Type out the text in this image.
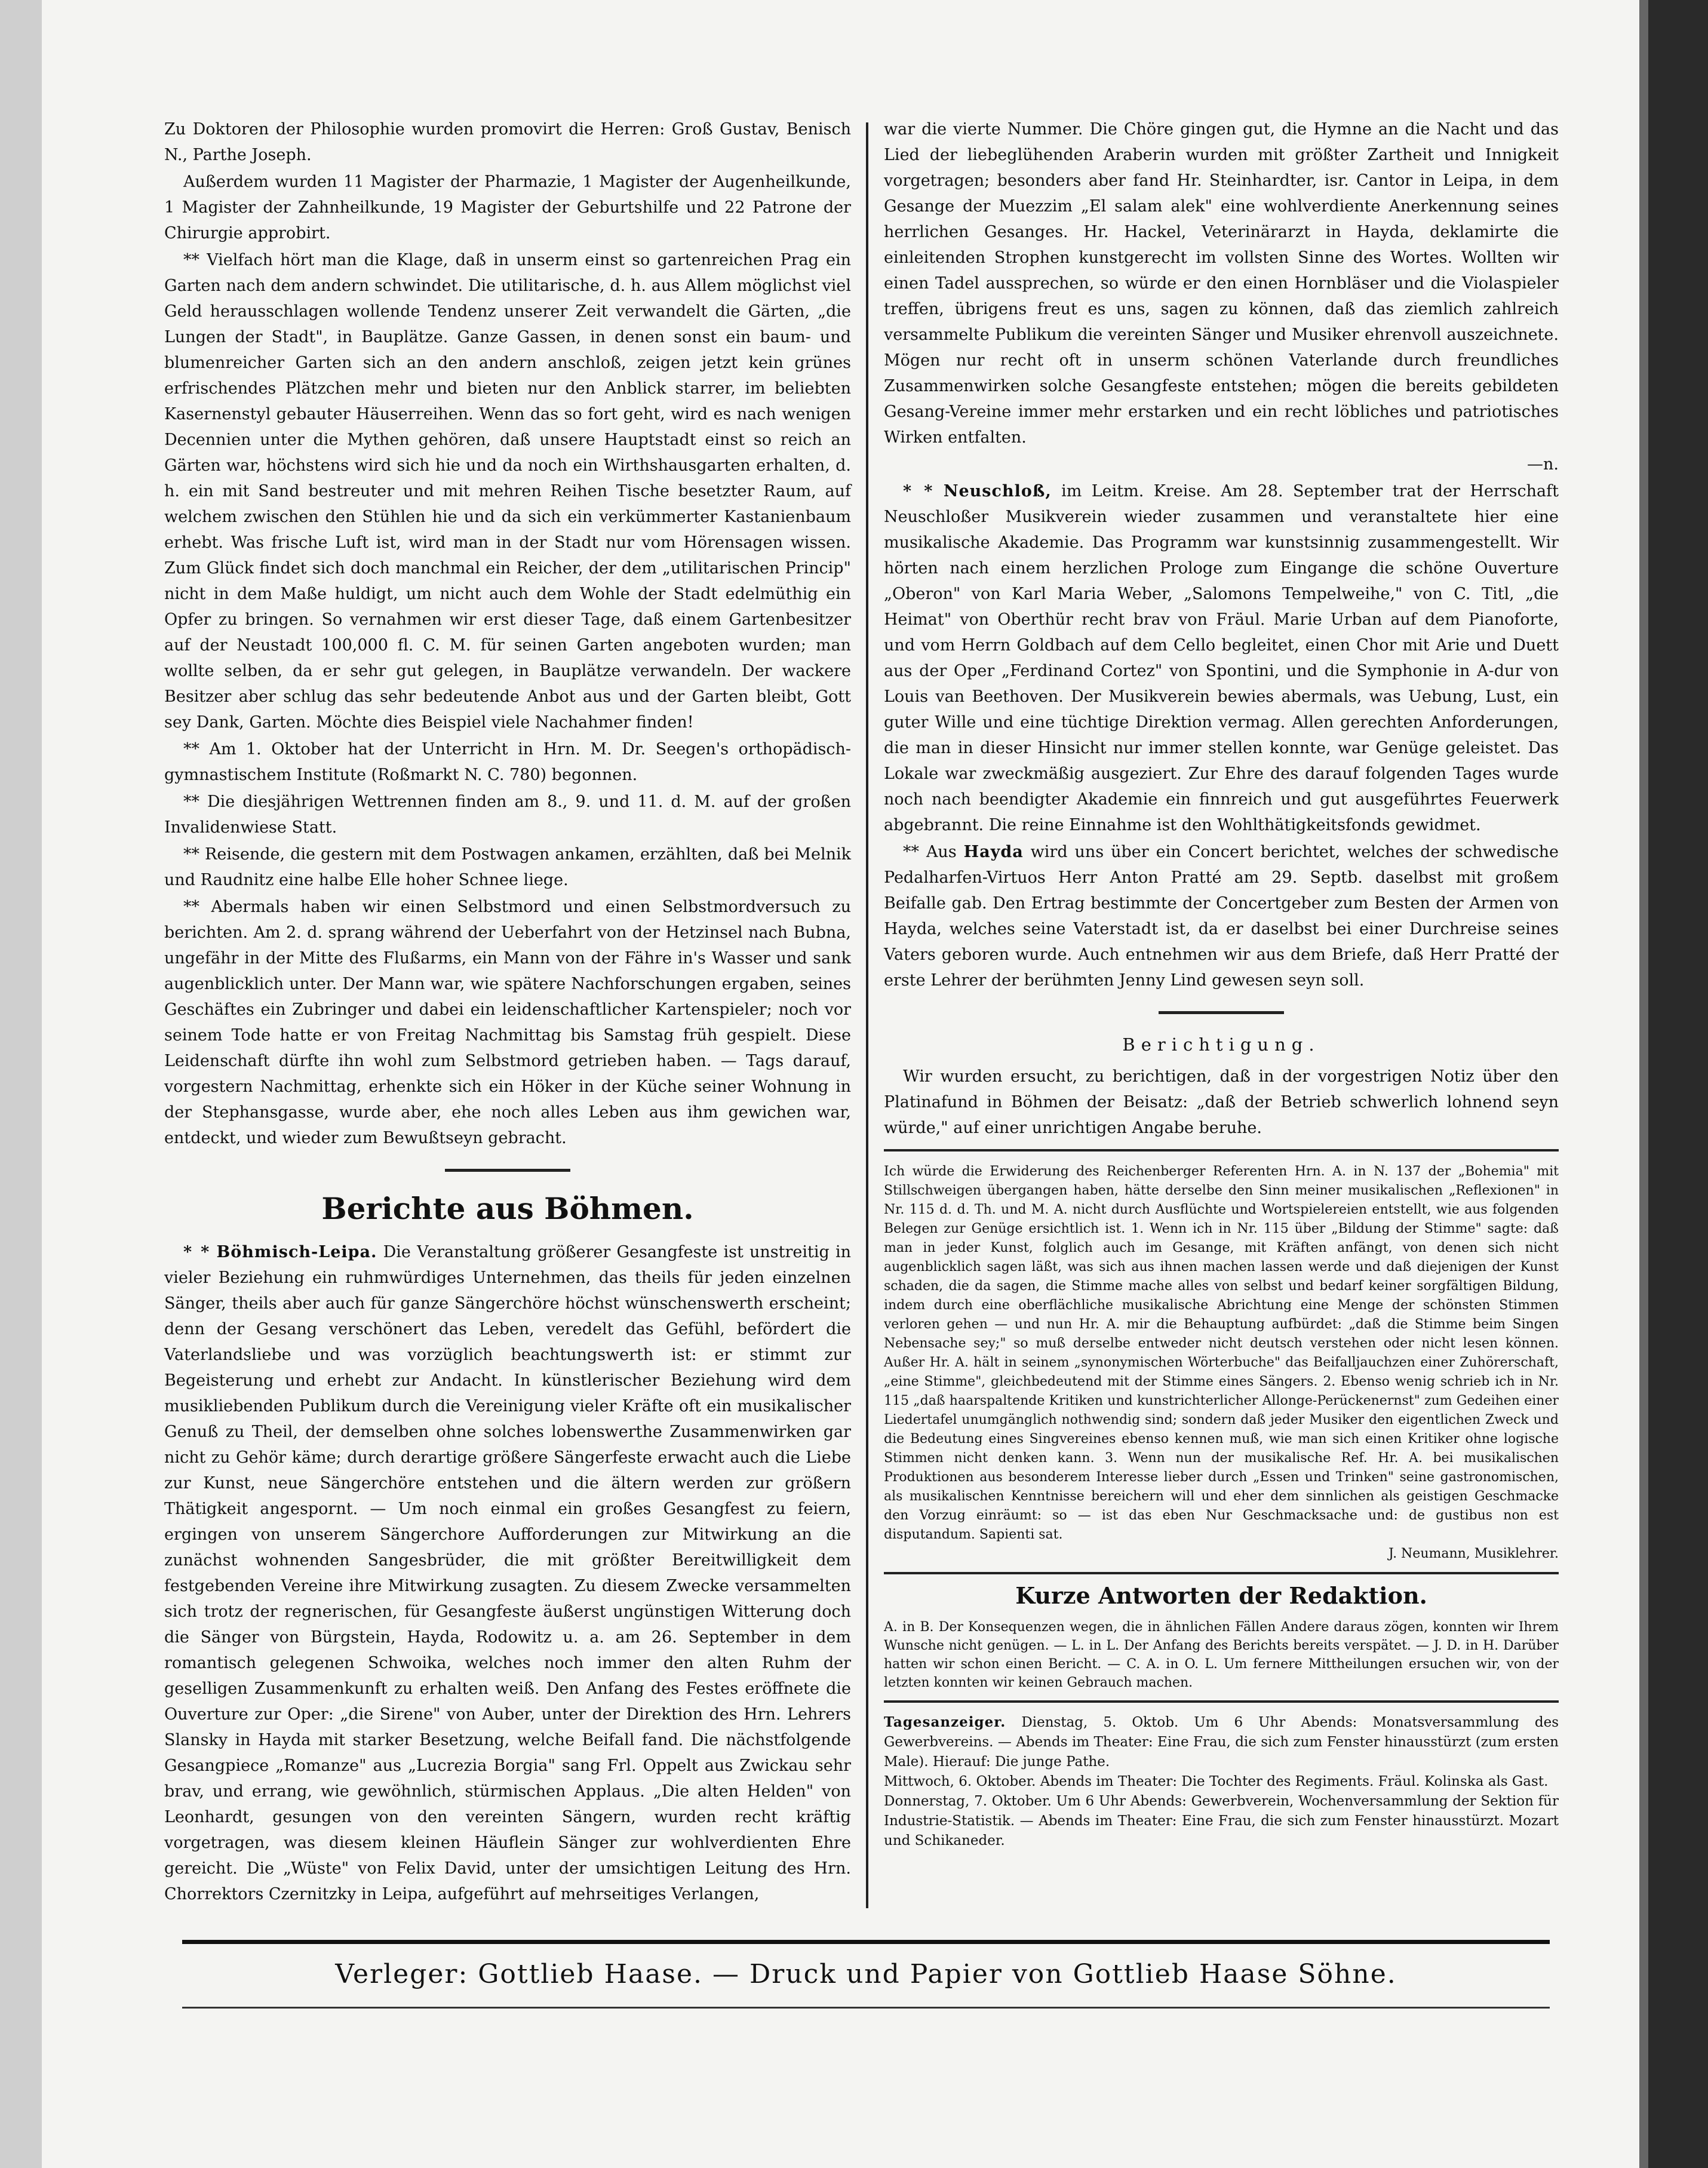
Zu Doktoren der Philosophie wurden promovirt die Herren: Groß Gustav, Benisch N., Parthe Joseph.

Außerdem wurden 11 Magister der Pharmazie, 1 Magister der Augenheilkunde, 1 Magister der Zahnheilkunde, 19 Magister der Geburtshilfe und 22 Patrone der Chirurgie approbirt.

** Vielfach hört man die Klage, daß in unserm einst so gartenreichen Prag ein Garten nach dem andern schwindet. Die utilitarische, d. h. aus Allem möglichst viel Geld herausschlagen wollende Tendenz unserer Zeit verwandelt die Gärten, „die Lungen der Stadt", in Bauplätze. Ganze Gassen, in denen sonst ein baum- und blumenreicher Garten sich an den andern anschloß, zeigen jetzt kein grünes erfrischendes Plätzchen mehr und bieten nur den Anblick starrer, im beliebten Kasernenstyl gebauter Häuserreihen. Wenn das so fort geht, wird es nach wenigen Decennien unter die Mythen gehören, daß unsere Hauptstadt einst so reich an Gärten war, höchstens wird sich hie und da noch ein Wirthshausgarten erhalten, d. h. ein mit Sand bestreuter und mit mehren Reihen Tische besetzter Raum, auf welchem zwischen den Stühlen hie und da sich ein verkümmerter Kastanienbaum erhebt. Was frische Luft ist, wird man in der Stadt nur vom Hörensagen wissen. Zum Glück findet sich doch manchmal ein Reicher, der dem „utilitarischen Princip" nicht in dem Maße huldigt, um nicht auch dem Wohle der Stadt edelmüthig ein Opfer zu bringen. So vernahmen wir erst dieser Tage, daß einem Gartenbesitzer auf der Neustadt 100,000 fl. C. M. für seinen Garten angeboten wurden; man wollte selben, da er sehr gut gelegen, in Bauplätze verwandeln. Der wackere Besitzer aber schlug das sehr bedeutende Anbot aus und der Garten bleibt, Gott sey Dank, Garten. Möchte dies Beispiel viele Nachahmer finden!

** Am 1. Oktober hat der Unterricht in Hrn. M. Dr. Seegen's orthopädisch-gymnastischem Institute (Roßmarkt N. C. 780) begonnen.

** Die diesjährigen Wettrennen finden am 8., 9. und 11. d. M. auf der großen Invalidenwiese Statt.

** Reisende, die gestern mit dem Postwagen ankamen, erzählten, daß bei Melnik und Raudnitz eine halbe Elle hoher Schnee liege.

** Abermals haben wir einen Selbstmord und einen Selbstmordversuch zu berichten. Am 2. d. sprang während der Ueberfahrt von der Hetzinsel nach Bubna, ungefähr in der Mitte des Flußarms, ein Mann von der Fähre in's Wasser und sank augenblicklich unter. Der Mann war, wie spätere Nachforschungen ergaben, seines Geschäftes ein Zubringer und dabei ein leidenschaftlicher Kartenspieler; noch vor seinem Tode hatte er von Freitag Nachmittag bis Samstag früh gespielt. Diese Leidenschaft dürfte ihn wohl zum Selbstmord getrieben haben. — Tags darauf, vorgestern Nachmittag, erhenkte sich ein Höker in der Küche seiner Wohnung in der Stephansgasse, wurde aber, ehe noch alles Leben aus ihm gewichen war, entdeckt, und wieder zum Bewußtseyn gebracht.

Berichte aus Böhmen.

* * Böhmisch-Leipa. Die Veranstaltung größerer Gesangfeste ist unstreitig in vieler Beziehung ein ruhmwürdiges Unternehmen, das theils für jeden einzelnen Sänger, theils aber auch für ganze Sängerchöre höchst wünschenswerth erscheint; denn der Gesang verschönert das Leben, veredelt das Gefühl, befördert die Vaterlandsliebe und was vorzüglich beachtungswerth ist: er stimmt zur Begeisterung und erhebt zur Andacht. In künstlerischer Beziehung wird dem musikliebenden Publikum durch die Vereinigung vieler Kräfte oft ein musikalischer Genuß zu Theil, der demselben ohne solches lobenswerthe Zusammenwirken gar nicht zu Gehör käme; durch derartige größere Sängerfeste erwacht auch die Liebe zur Kunst, neue Sängerchöre entstehen und die ältern werden zur größern Thätigkeit angespornt. — Um noch einmal ein großes Gesangfest zu feiern, ergingen von unserem Sängerchore Aufforderungen zur Mitwirkung an die zunächst wohnenden Sangesbrüder, die mit größter Bereitwilligkeit dem festgebenden Vereine ihre Mitwirkung zusagten. Zu diesem Zwecke versammelten sich trotz der regnerischen, für Gesangfeste äußerst ungünstigen Witterung doch die Sänger von Bürgstein, Hayda, Rodowitz u. a. am 26. September in dem romantisch gelegenen Schwoika, welches noch immer den alten Ruhm der geselligen Zusammenkunft zu erhalten weiß. Den Anfang des Festes eröffnete die Ouverture zur Oper: „die Sirene" von Auber, unter der Direktion des Hrn. Lehrers Slansky in Hayda mit starker Besetzung, welche Beifall fand. Die nächstfolgende Gesangpiece „Romanze" aus „Lucrezia Borgia" sang Frl. Oppelt aus Zwickau sehr brav, und errang, wie gewöhnlich, stürmischen Applaus. „Die alten Helden" von Leonhardt, gesungen von den vereinten Sängern, wurden recht kräftig vorgetragen, was diesem kleinen Häuflein Sänger zur wohlverdienten Ehre gereicht. Die „Wüste" von Felix David, unter der umsichtigen Leitung des Hrn. Chorrektors Czernitzky in Leipa, aufgeführt auf mehrseitiges Verlangen,

war die vierte Nummer. Die Chöre gingen gut, die Hymne an die Nacht und das Lied der liebeglühenden Araberin wurden mit größter Zartheit und Innigkeit vorgetragen; besonders aber fand Hr. Steinhardter, isr. Cantor in Leipa, in dem Gesange der Muezzim „El salam alek" eine wohlverdiente Anerkennung seines herrlichen Gesanges. Hr. Hackel, Veterinärarzt in Hayda, deklamirte die einleitenden Strophen kunstgerecht im vollsten Sinne des Wortes. Wollten wir einen Tadel aussprechen, so würde er den einen Hornbläser und die Violaspieler treffen, übrigens freut es uns, sagen zu können, daß das ziemlich zahlreich versammelte Publikum die vereinten Sänger und Musiker ehrenvoll auszeichnete. Mögen nur recht oft in unserm schönen Vaterlande durch freundliches Zusammenwirken solche Gesangfeste entstehen; mögen die bereits gebildeten Gesang-Vereine immer mehr erstarken und ein recht löbliches und patriotisches Wirken entfalten.

—n.

* * Neuschloß, im Leitm. Kreise. Am 28. September trat der Herrschaft Neuschloßer Musikverein wieder zusammen und veranstaltete hier eine musikalische Akademie. Das Programm war kunstsinnig zusammengestellt. Wir hörten nach einem herzlichen Prologe zum Eingange die schöne Ouverture „Oberon" von Karl Maria Weber, „Salomons Tempelweihe," von C. Titl, „die Heimat" von Oberthür recht brav von Fräul. Marie Urban auf dem Pianoforte, und vom Herrn Goldbach auf dem Cello begleitet, einen Chor mit Arie und Duett aus der Oper „Ferdinand Cortez" von Spontini, und die Symphonie in A-dur von Louis van Beethoven. Der Musikverein bewies abermals, was Uebung, Lust, ein guter Wille und eine tüchtige Direktion vermag. Allen gerechten Anforderungen, die man in dieser Hinsicht nur immer stellen konnte, war Genüge geleistet. Das Lokale war zweckmäßig ausgeziert. Zur Ehre des darauf folgenden Tages wurde noch nach beendigter Akademie ein finnreich und gut ausgeführtes Feuerwerk abgebrannt. Die reine Einnahme ist den Wohlthätigkeitsfonds gewidmet.

** Aus Hayda wird uns über ein Concert berichtet, welches der schwedische Pedalharfen-Virtuos Herr Anton Pratté am 29. Septb. daselbst mit großem Beifalle gab. Den Ertrag bestimmte der Concertgeber zum Besten der Armen von Hayda, welches seine Vaterstadt ist, da er daselbst bei einer Durchreise seines Vaters geboren wurde. Auch entnehmen wir aus dem Briefe, daß Herr Pratté der erste Lehrer der berühmten Jenny Lind gewesen seyn soll.

Berichtigung.

Wir wurden ersucht, zu berichtigen, daß in der vorgestrigen Notiz über den Platinafund in Böhmen der Beisatz: „daß der Betrieb schwerlich lohnend seyn würde," auf einer unrichtigen Angabe beruhe.

Ich würde die Erwiderung des Reichenberger Referenten Hrn. A. in N. 137 der „Bohemia" mit Stillschweigen übergangen haben, hätte derselbe den Sinn meiner musikalischen „Reflexionen" in Nr. 115 d. d. Th. und M. A. nicht durch Ausflüchte und Wortspielereien entstellt, wie aus folgenden Belegen zur Genüge ersichtlich ist. 1. Wenn ich in Nr. 115 über „Bildung der Stimme" sagte: daß man in jeder Kunst, folglich auch im Gesange, mit Kräften anfängt, von denen sich nicht augenblicklich sagen läßt, was sich aus ihnen machen lassen werde und daß diejenigen der Kunst schaden, die da sagen, die Stimme mache alles von selbst und bedarf keiner sorgfältigen Bildung, indem durch eine oberflächliche musikalische Abrichtung eine Menge der schönsten Stimmen verloren gehen — und nun Hr. A. mir die Behauptung aufbürdet: „daß die Stimme beim Singen Nebensache sey;" so muß derselbe entweder nicht deutsch verstehen oder nicht lesen können. Außer Hr. A. hält in seinem „synonymischen Wörterbuche" das Beifalljauchzen einer Zuhörerschaft, „eine Stimme", gleichbedeutend mit der Stimme eines Sängers. 2. Ebenso wenig schrieb ich in Nr. 115 „daß haarspaltende Kritiken und kunstrichterlicher Allonge-Perückenernst" zum Gedeihen einer Liedertafel unumgänglich nothwendig sind; sondern daß jeder Musiker den eigentlichen Zweck und die Bedeutung eines Singvereines ebenso kennen muß, wie man sich einen Kritiker ohne logische Stimmen nicht denken kann. 3. Wenn nun der musikalische Ref. Hr. A. bei musikalischen Produktionen aus besonderem Interesse lieber durch „Essen und Trinken" seine gastronomischen, als musikalischen Kenntnisse bereichern will und eher dem sinnlichen als geistigen Geschmacke den Vorzug einräumt: so — ist das eben Nur Geschmacksache und: de gustibus non est disputandum. Sapienti sat.

J. Neumann, Musiklehrer.

Kurze Antworten der Redaktion.
A. in B. Der Konsequenzen wegen, die in ähnlichen Fällen Andere daraus zögen, konnten wir Ihrem Wunsche nicht genügen. — L. in L. Der Anfang des Berichts bereits verspätet. — J. D. in H. Darüber hatten wir schon einen Bericht. — C. A. in O. L. Um fernere Mittheilungen ersuchen wir, von der letzten konnten wir keinen Gebrauch machen.

Tagesanzeiger. Dienstag, 5. Oktob. Um 6 Uhr Abends: Monatsversammlung des Gewerbvereins. — Abends im Theater: Eine Frau, die sich zum Fenster hinausstürzt (zum ersten Male). Hierauf: Die junge Pathe.

Mittwoch, 6. Oktober. Abends im Theater: Die Tochter des Regiments. Fräul. Kolinska als Gast.

Donnerstag, 7. Oktober. Um 6 Uhr Abends: Gewerbverein, Wochenversammlung der Sektion für Industrie-Statistik. — Abends im Theater: Eine Frau, die sich zum Fenster hinausstürzt. Mozart und Schikaneder.

Verleger: Gottlieb Haase. — Druck und Papier von Gottlieb Haase Söhne.
